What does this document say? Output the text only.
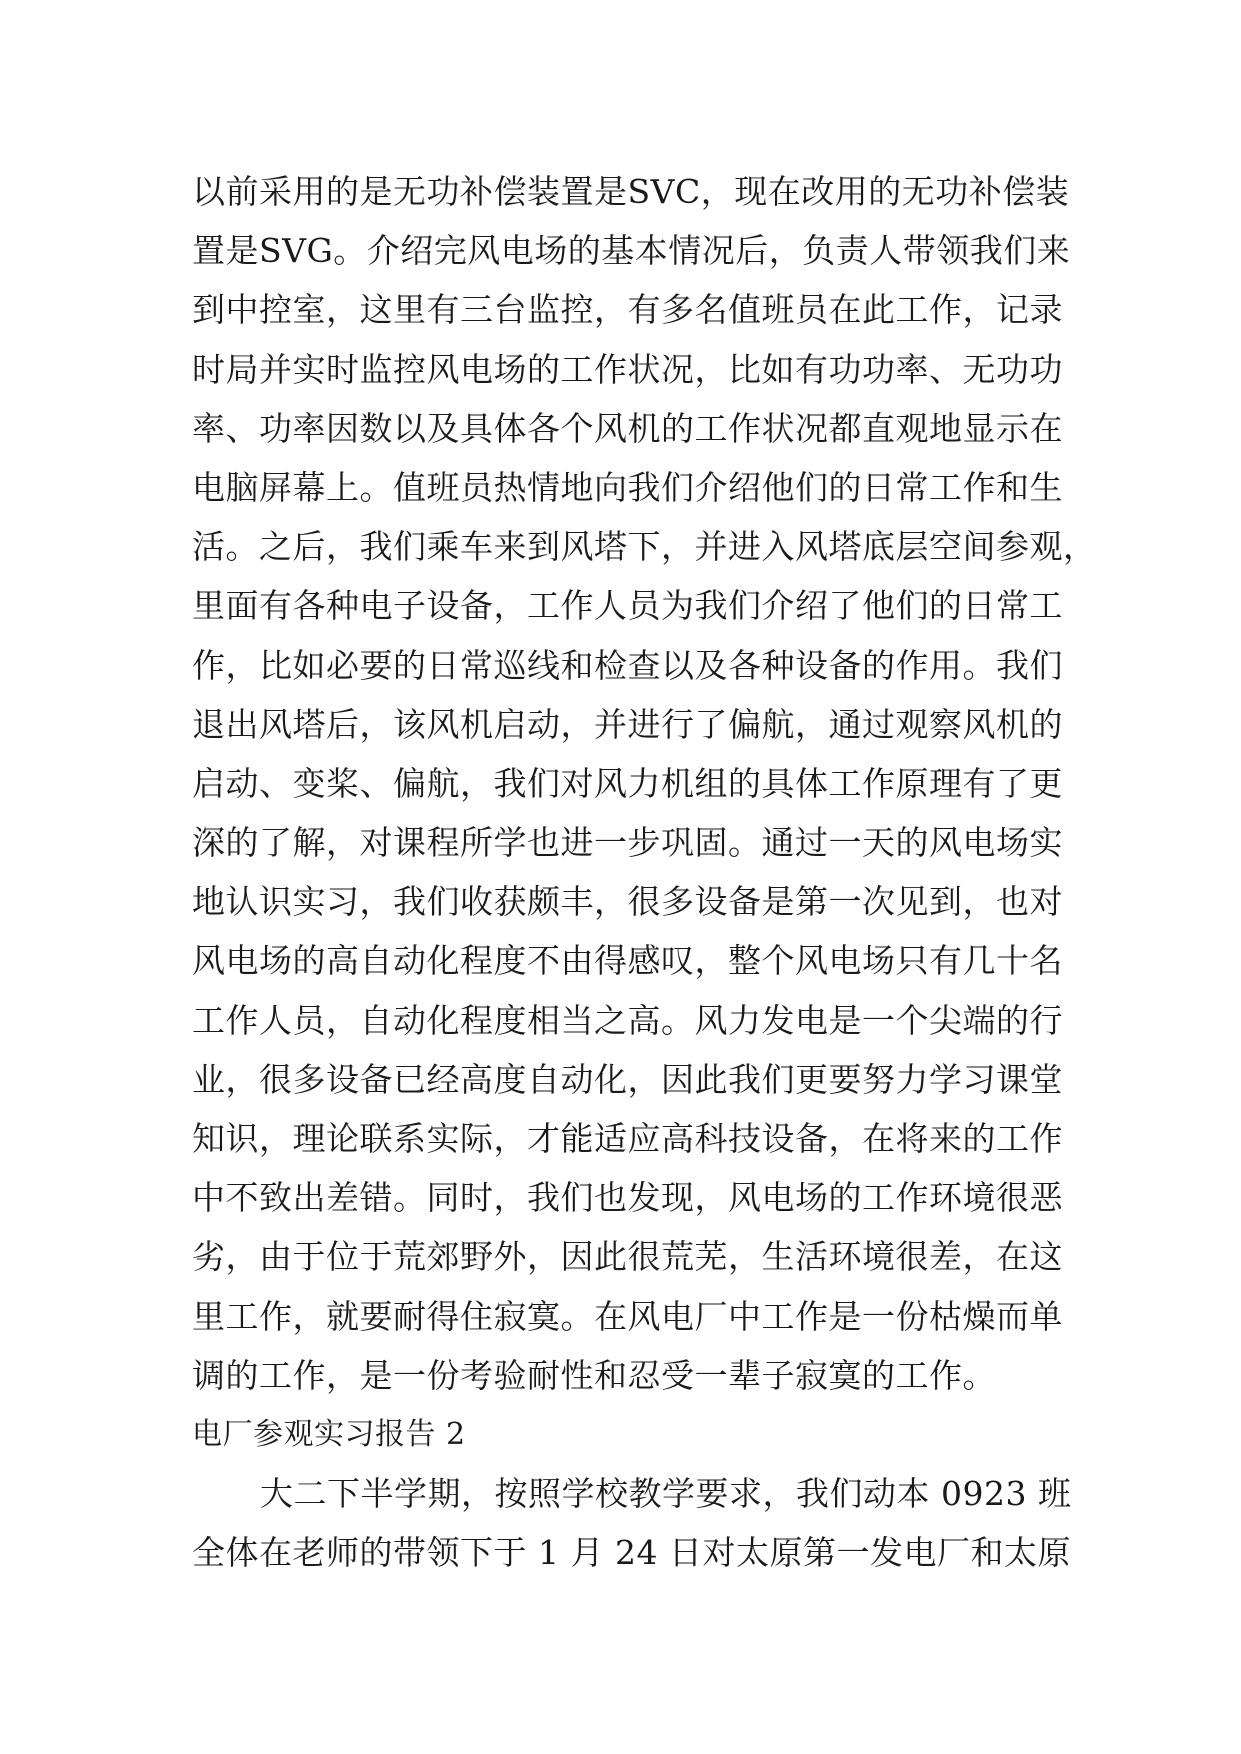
以前采用的是无功补偿装置是SVC，现在改用的无功补偿装
置是SVG。介绍完风电场的基本情况后，负责人带领我们来
到中控室，这里有三台监控，有多名值班员在此工作，记录
时局并实时监控风电场的工作状况，比如有功功率、无功功
率、功率因数以及具体各个风机的工作状况都直观地显示在
电脑屏幕上。值班员热情地向我们介绍他们的日常工作和生
活。之后，我们乘车来到风塔下，并进入风塔底层空间参观，
里面有各种电子设备，工作人员为我们介绍了他们的日常工
作，比如必要的日常巡线和检查以及各种设备的作用。我们
退出风塔后，该风机启动，并进行了偏航，通过观察风机的
启动、变桨、偏航，我们对风力机组的具体工作原理有了更
深的了解，对课程所学也进一步巩固。通过一天的风电场实
地认识实习，我们收获颇丰，很多设备是第一次见到，也对
风电场的高自动化程度不由得感叹，整个风电场只有几十名
工作人员，自动化程度相当之高。风力发电是一个尖端的行
业，很多设备已经高度自动化，因此我们更要努力学习课堂
知识，理论联系实际，才能适应高科技设备，在将来的工作
中不致出差错。同时，我们也发现，风电场的工作环境很恶
劣，由于位于荒郊野外，因此很荒芜，生活环境很差，在这
里工作，就要耐得住寂寞。在风电厂中工作是一份枯燥而单
调的工作，是一份考验耐性和忍受一辈子寂寞的工作。
电厂参观实习报告 2
大二下半学期，按照学校教学要求，我们动本 0923 班
全体在老师的带领下于 1 月 24 日对太原第一发电厂和太原
